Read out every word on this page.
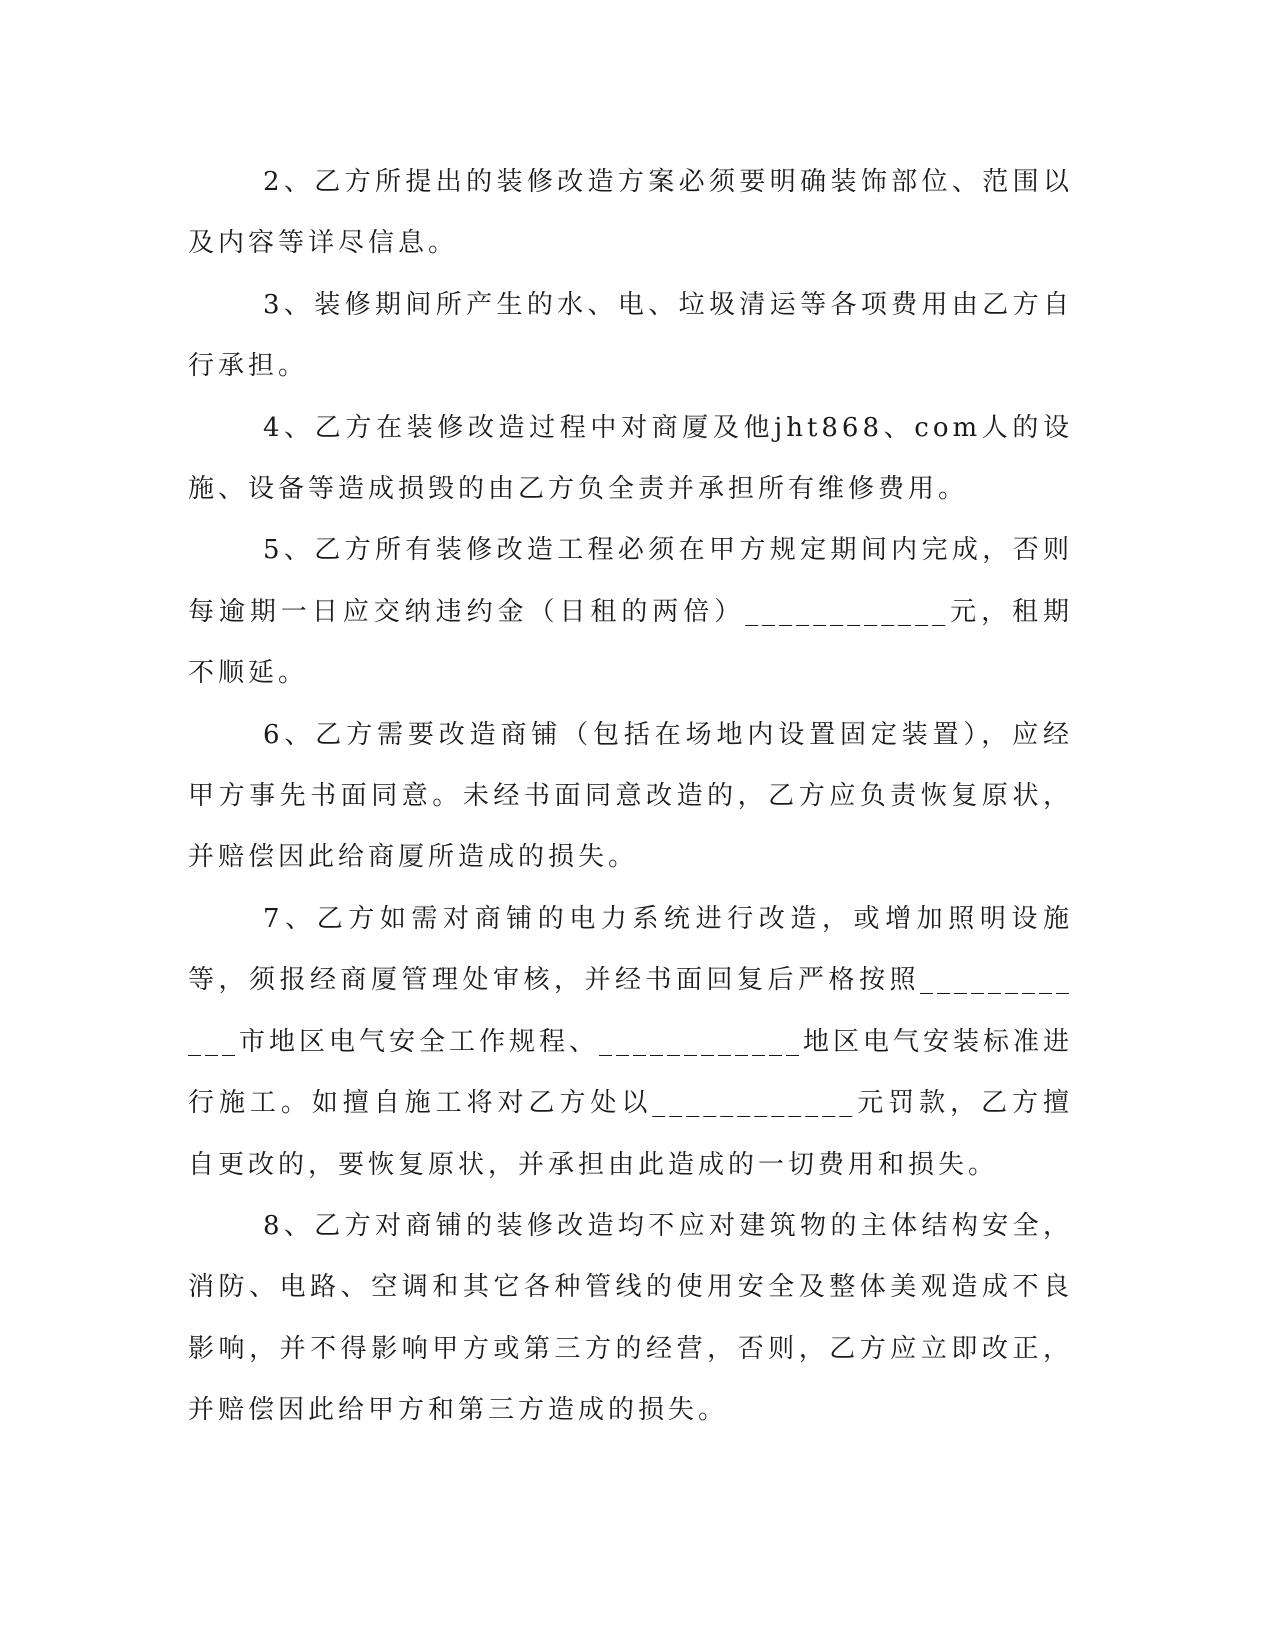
2、乙方所提出的装修改造方案必须要明确装饰部位、范围以及内容等详尽信息。

3、装修期间所产生的水、电、垃圾清运等各项费用由乙方自行承担。

4、乙方在装修改造过程中对商厦及他jht868、com人的设施、设备等造成损毁的由乙方负全责并承担所有维修费用。

5、乙方所有装修改造工程必须在甲方规定期间内完成，否则每逾期一日应交纳违约金（日租的两倍）____________元，租期不顺延。

6、乙方需要改造商铺（包括在场地内设置固定装置），应经甲方事先书面同意。未经书面同意改造的，乙方应负责恢复原状，并赔偿因此给商厦所造成的损失。

7、乙方如需对商铺的电力系统进行改造，或增加照明设施等，须报经商厦管理处审核，并经书面回复后严格按照____________市地区电气安全工作规程、____________地区电气安装标准进行施工。如擅自施工将对乙方处以____________元罚款，乙方擅自更改的，要恢复原状，并承担由此造成的一切费用和损失。

8、乙方对商铺的装修改造均不应对建筑物的主体结构安全，消防、电路、空调和其它各种管线的使用安全及整体美观造成不良影响，并不得影响甲方或第三方的经营，否则，乙方应立即改正，并赔偿因此给甲方和第三方造成的损失。
